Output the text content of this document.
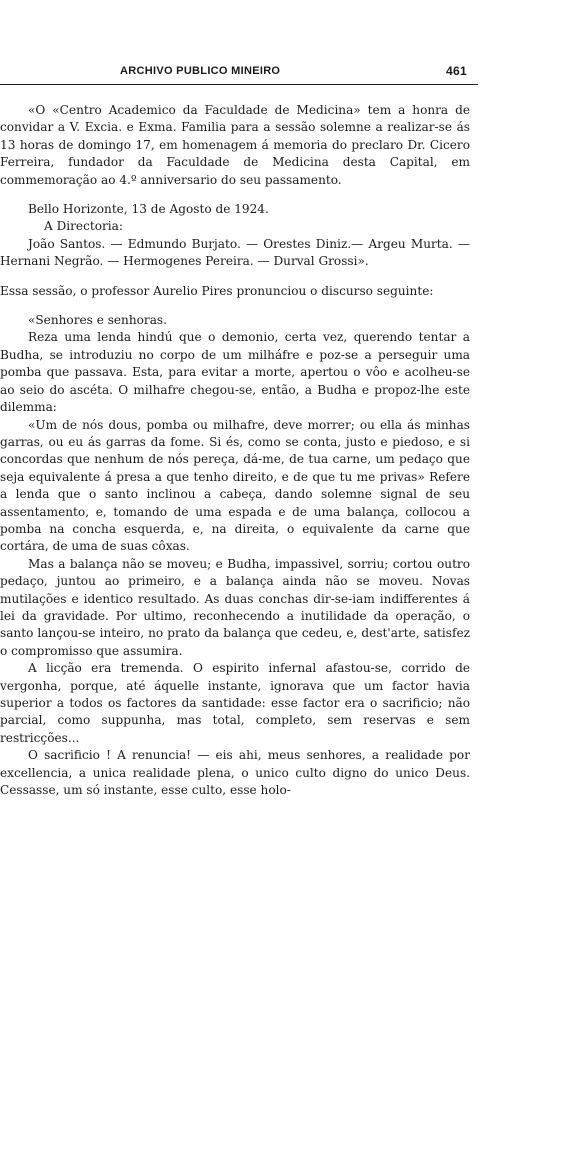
ARCHIVO PUBLICO MINEIRO	461

«O «Centro Academico da Faculdade de Medicina» tem a honra de convidar a V. Excia. e Exma. Familia para a sessão solemne a realizar-se ás 13 horas de domingo 17, em homenagem á memoria do preclaro Dr. Cicero Ferreira, fundador da Faculdade de Medicina desta Capital, em commemoração ao 4.º anniversario do seu passamento.

Bello Horizonte, 13 de Agosto de 1924.

A Directoria:

João Santos. — Edmundo Burjato. — Orestes Diniz.— Argeu Murta. — Hernani Negrão. — Hermogenes Pereira. — Durval Grossi».

Essa sessão, o professor Aurelio Pires pronunciou o discurso seguinte:

«Senhores e senhoras.

Reza uma lenda hindú que o demonio, certa vez, querendo tentar a Budha, se introduziu no corpo de um milháfre e poz-se a perseguir uma pomba que passava. Esta, para evitar a morte, apertou o vôo e acolheu-se ao seio do ascéta. O milhafre chegou-se, então, a Budha e propoz-lhe este dilemma:

«Um de nós dous, pomba ou milhafre, deve morrer; ou ella ás minhas garras, ou eu ás garras da fome. Si és, como se conta, justo e piedoso, e si concordas que nenhum de nós pereça, dá-me, de tua carne, um pedaço que seja equivalente á presa a que tenho direito, e de que tu me privas» Refere a lenda que o santo inclinou a cabeça, dando solemne signal de seu assentamento, e, tomando de uma espada e de uma balança, collocou a pomba na concha esquerda, e, na direita, o equivalente da carne que cortára, de uma de suas côxas.

Mas a balança não se moveu; e Budha, impassivel, sorriu; cortou outro pedaço, juntou ao primeiro, e a balança ainda não se moveu. Novas mutilações e identico resultado. As duas conchas dir-se-iam indifferentes á lei da gravidade. Por ultimo, reconhecendo a inutilidade da operação, o santo lançou-se inteiro, no prato da balança que cedeu, e, dest'arte, satisfez o compromisso que assumira.

A licção era tremenda. O espirito infernal afastou-se, corrido de vergonha, porque, até áquelle instante, ignorava que um factor havia superior a todos os factores da santidade: esse factor era o sacrificio; não parcial, como suppunha, mas total, completo, sem reservas e sem restricções...

O sacrificio ! A renuncia! — eis ahi, meus senhores, a realidade por excellencia, a unica realidade plena, o unico culto digno do unico Deus. Cessasse, um só instante, esse culto, esse holo-
